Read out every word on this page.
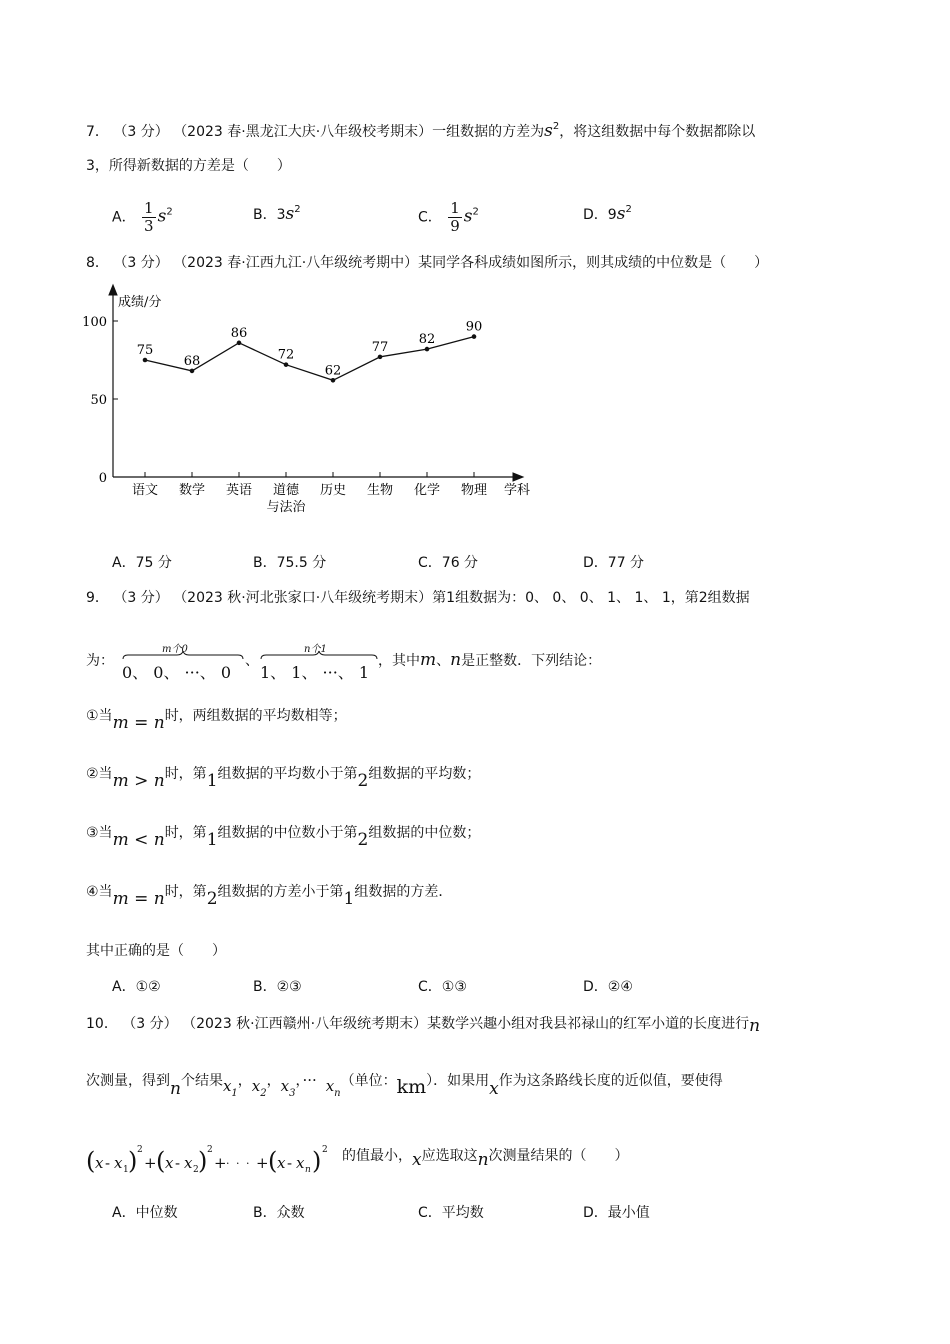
7． （3 分） （2023 春·黑龙江大庆·八年级校考期末）一组数据的方差为$s^2$，将这组数据中每个数据都除以
3，所得新数据的方差是（　　）
A． $\frac{1}{3} s^2$	B．$3s^2$	C． $\frac{1}{9} s^2$	D．$9s^2$
8． （3 分） （2023 春·江西九江·八年级统考期中）某同学各科成绩如图所示，则其成绩的中位数是（　　）
成绩/分
学科
0
50
100
语文 数学 英语	道德与法治
历史 生物 化学 物理
75
68
86
72
62
77
82
90
A．75 分	B．75.5 分	C．76 分	D．77 分
9． （3 分） （2023 秋·河北张家口·八年级统考期末）第1组数据为：0、 0、 0、 1、 1、 1，第2组数据
为：
m个0
0、 0、 ···、 0
、
n个1
1、 1、 ···、 1
，其中m、n是正整数．下列结论：
①当m = n时，两组数据的平均数相等；
②当m > n时，第1组数据的平均数小于第2组数据的平均数；
③当m < n时，第1组数据的中位数小于第2组数据的中位数；
④当m = n时，第2组数据的方差小于第1组数据的方差．
其中正确的是（　　）
A．①②	B．②③	C．①③	D．②④
10． （3 分） （2023 秋·江西赣州·八年级统考期末）某数学兴趣小组对我县祁禄山的红军小道的长度进行n
次测量，得到n个结果$x_1$，$x_2$，$x_3$，··· $x_n$（单位：km）．如果用x作为这条路线长度的近似值，要使得
( x - x 1 ) 2
+ ( x - x 2 ) 2
+ · · · + ( x - x n ) 2 的值最小，x应选取这n次测量结果的（　　）
A．中位数	B．众数	C．平均数	D．最小值
